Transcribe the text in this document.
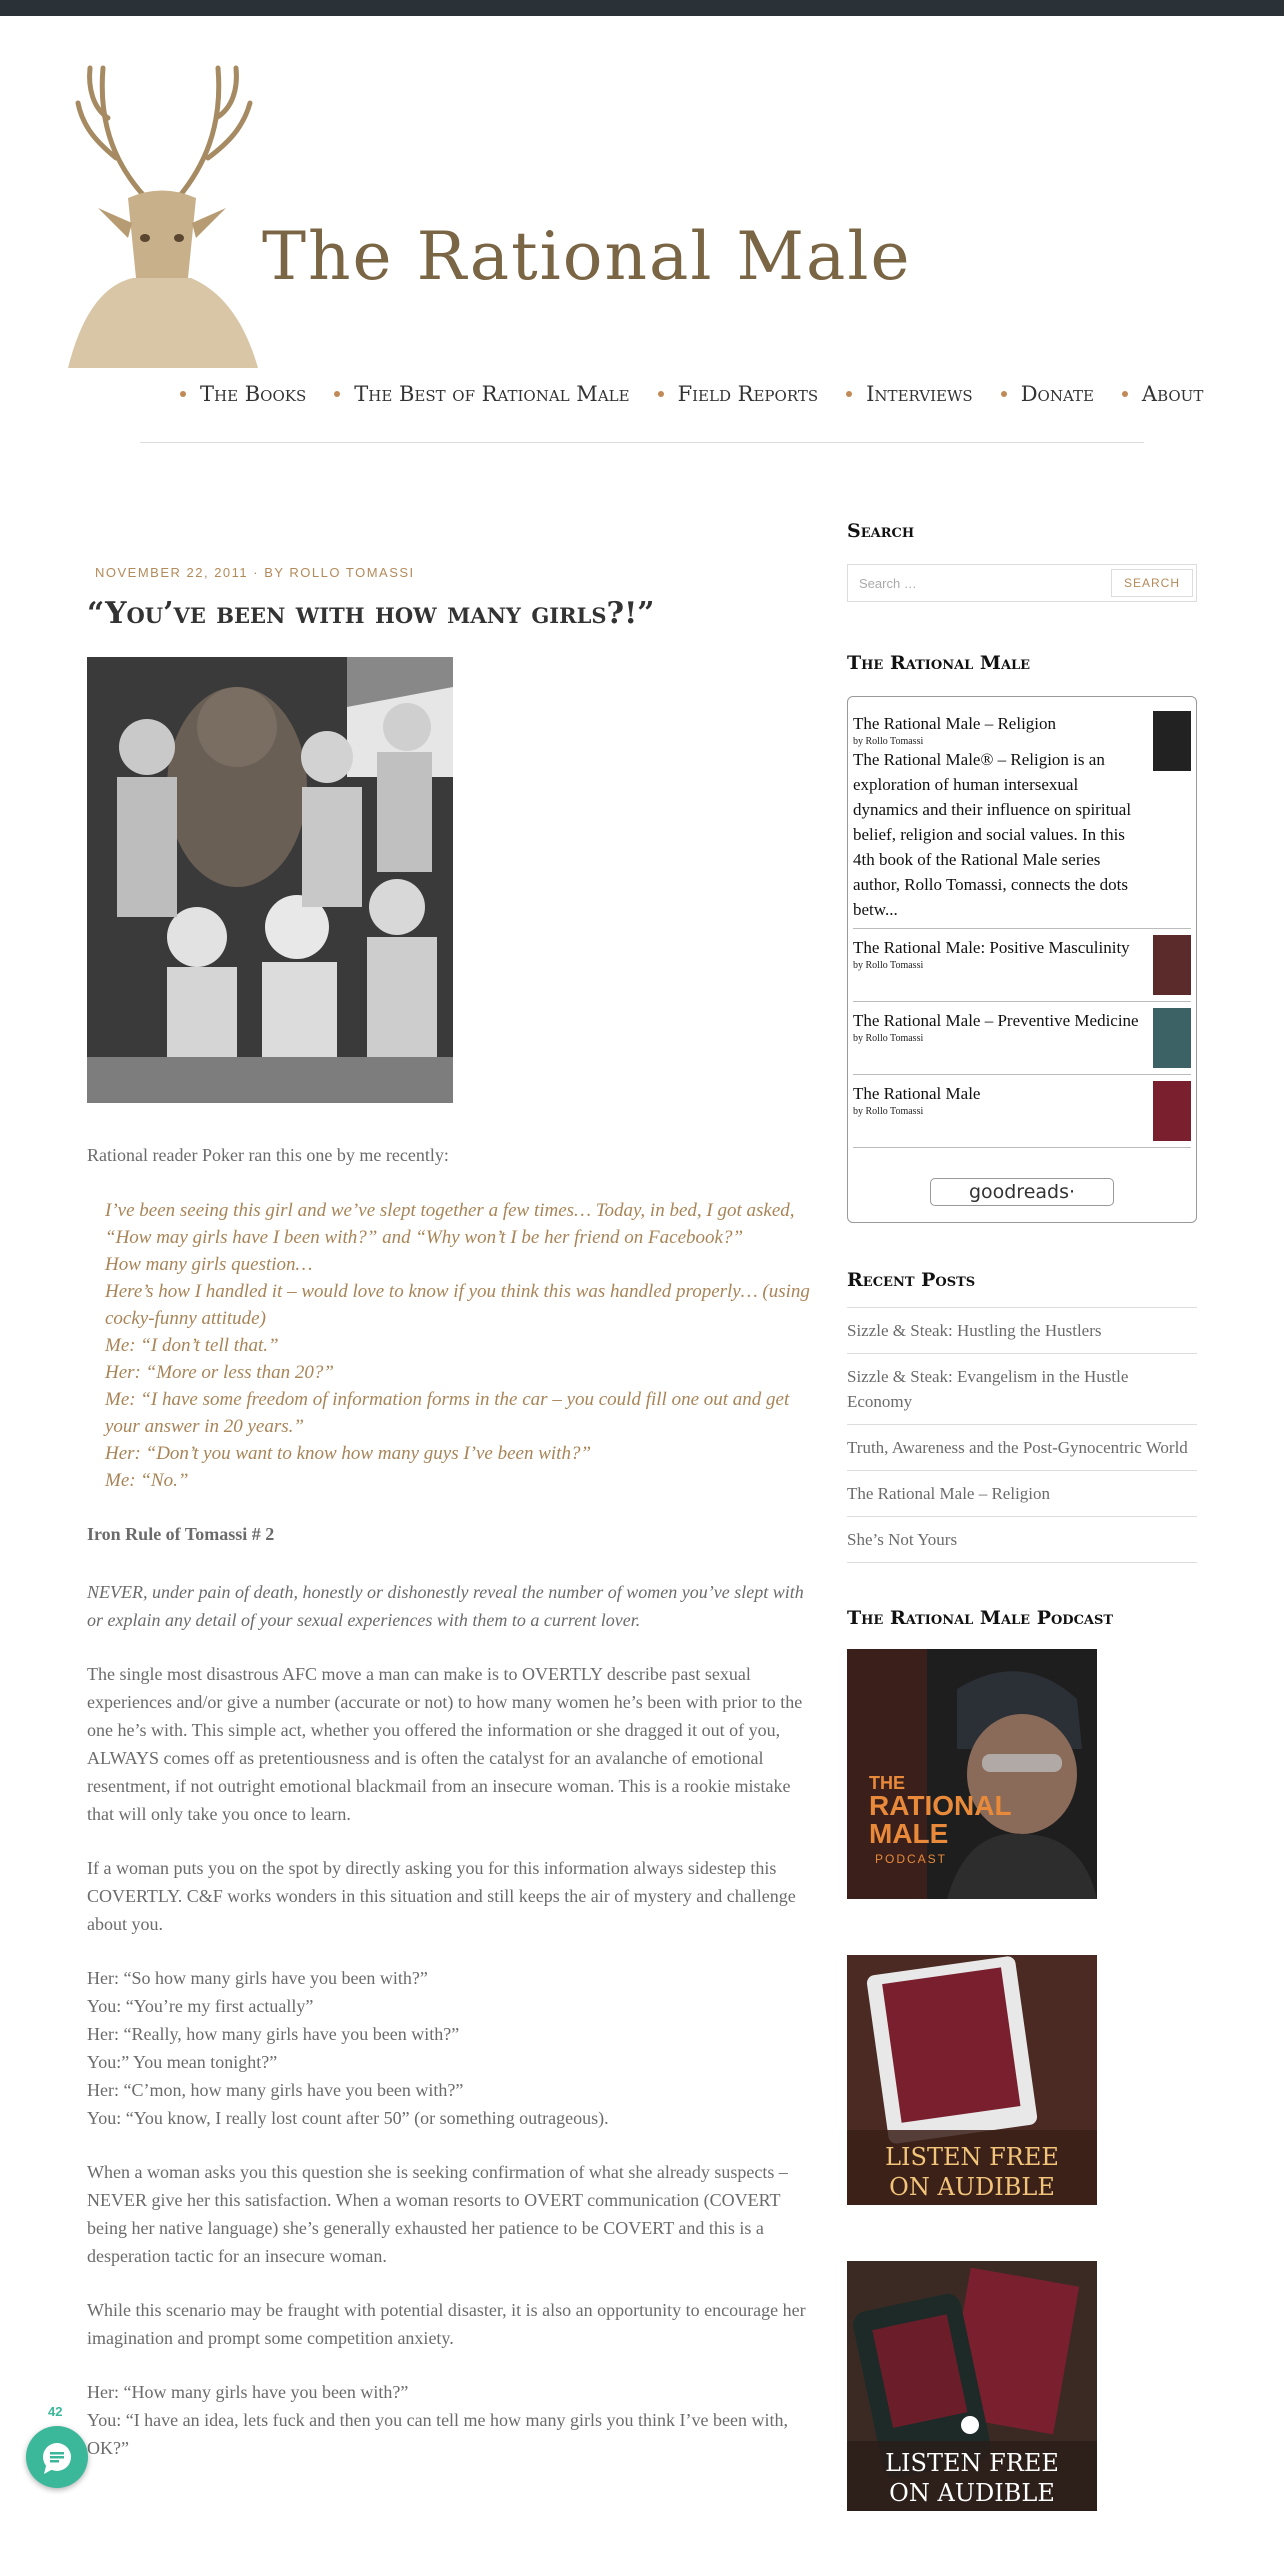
The Rational Male
The Books The Best of Rational Male Field Reports Interviews Donate About
NOVEMBER 22, 2011 · BY ROLLO TOMASSI
“You’ve been with how many girls?!”

Rational reader Poker ran this one by me recently:

I’ve been seeing this girl and we’ve slept together a few times… Today, in bed, I got asked, “How may girls have I been with?” and “Why won’t I be her friend on Facebook?”
How many girls question…
Here’s how I handled it – would love to know if you think this was handled properly… (using cocky-funny attitude)
Me: “I don’t tell that.”
Her: “More or less than 20?”
Me: “I have some freedom of information forms in the car – you could fill one out and get your answer in 20 years.”
Her: “Don’t you want to know how many guys I’ve been with?”
Me: “No.”

Iron Rule of Tomassi # 2

NEVER, under pain of death, honestly or dishonestly reveal the number of women you’ve slept with or explain any detail of your sexual experiences with them to a current lover.

The single most disastrous AFC move a man can make is to OVERTLY describe past sexual experiences and/or give a number (accurate or not) to how many women he’s been with prior to the one he’s with. This simple act, whether you offered the information or she dragged it out of you, ALWAYS comes off as pretentiousness and is often the catalyst for an avalanche of emotional resentment, if not outright emotional blackmail from an insecure woman. This is a rookie mistake that will only take you once to learn.

If a woman puts you on the spot by directly asking you for this information always sidestep this COVERTLY. C&F works wonders in this situation and still keeps the air of mystery and challenge about you.

Her: “So how many girls have you been with?”
You: “You’re my first actually”
Her: “Really, how many girls have you been with?”
You:” You mean tonight?”
Her: “C’mon, how many girls have you been with?”
You: “You know, I really lost count after 50” (or something outrageous).

When a woman asks you this question she is seeking confirmation of what she already suspects – NEVER give her this satisfaction. When a woman resorts to OVERT communication (COVERT being her native language) she’s generally exhausted her patience to be COVERT and this is a desperation tactic for an insecure woman.

While this scenario may be fraught with potential disaster, it is also an opportunity to encourage her imagination and prompt some competition anxiety.

Her: “How many girls have you been with?”
You: “I have an idea, lets fuck and then you can tell me how many girls you think I’ve been with, OK?”
Search
Search …	SEARCH
The Rational Male
The Rational Male – Religion
by Rollo Tomassi
The Rational Male® – Religion is an exploration of human intersexual dynamics and their influence on spiritual belief, religion and social values. In this 4th book of the Rational Male series author, Rollo Tomassi, connects the dots betw...
The Rational Male: Positive Masculinity
by Rollo Tomassi
The Rational Male – Preventive Medicine
by Rollo Tomassi
The Rational Male
by Rollo Tomassi
goodreads·
Recent Posts
Sizzle & Steak: Hustling the Hustlers
Sizzle & Steak: Evangelism in the Hustle Economy
Truth, Awareness and the Post-Gynocentric World
The Rational Male – Religion
She’s Not Yours
The Rational Male Podcast
THE
RATIONAL
MALE
PODCAST
LISTEN FREE
ON AUDIBLE
LISTEN FREE
ON AUDIBLE
42
